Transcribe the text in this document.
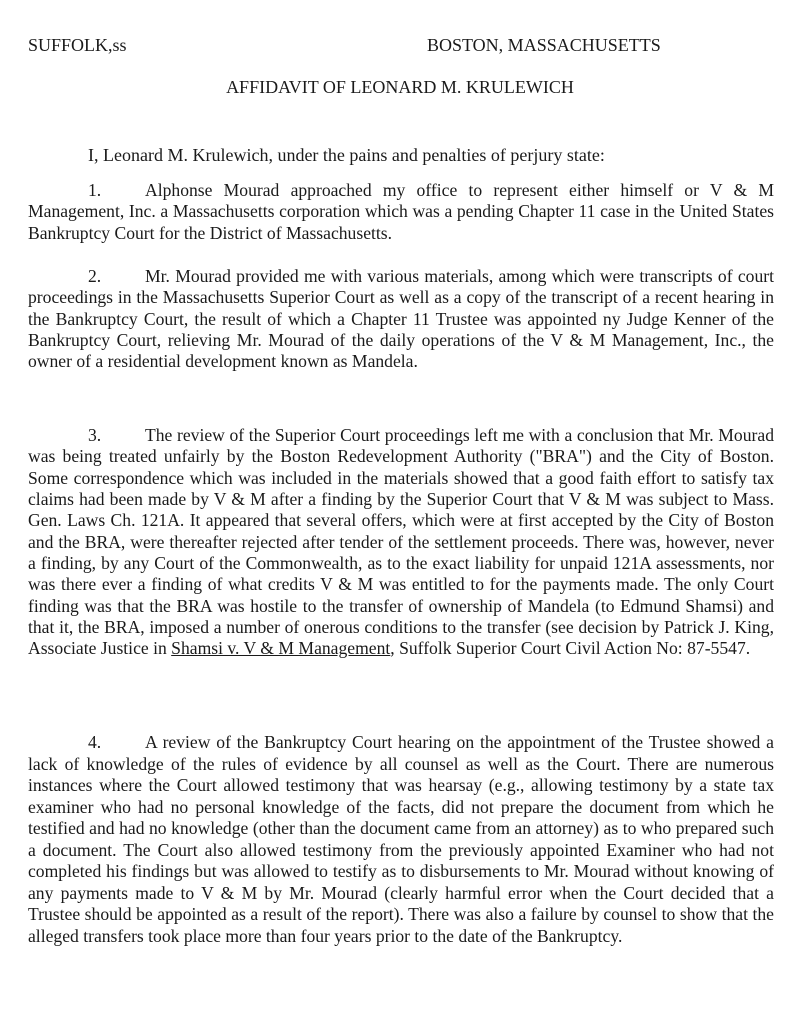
SUFFOLK,ss	BOSTON, MASSACHUSETTS
AFFIDAVIT OF LEONARD M. KRULEWICH
I, Leonard M. Krulewich, under the pains and penalties of perjury state:

1. Alphonse Mourad approached my office to represent either himself or V & M Management, Inc. a Massachusetts corporation which was a pending Chapter 11 case in the United States Bankruptcy Court for the District of Massachusetts.

2. Mr. Mourad provided me with various materials, among which were transcripts of court proceedings in the Massachusetts Superior Court as well as a copy of the transcript of a recent hearing in the Bankruptcy Court, the result of which a Chapter 11 Trustee was appointed ny Judge Kenner of the Bankruptcy Court, relieving Mr. Mourad of the daily operations of the V & M Management, Inc., the owner of a residential development known as Mandela.

3. The review of the Superior Court proceedings left me with a conclusion that Mr. Mourad was being treated unfairly by the Boston Redevelopment Authority ("BRA") and the City of Boston. Some correspondence which was included in the materials showed that a good faith effort to satisfy tax claims had been made by V & M after a finding by the Superior Court that V & M was subject to Mass. Gen. Laws Ch. 121A. It appeared that several offers, which were at first accepted by the City of Boston and the BRA, were thereafter rejected after tender of the settlement proceeds. There was, however, never a finding, by any Court of the Commonwealth, as to the exact liability for unpaid 121A assessments, nor was there ever a finding of what credits V & M was entitled to for the payments made. The only Court finding was that the BRA was hostile to the transfer of ownership of Mandela (to Edmund Shamsi) and that it, the BRA, imposed a number of onerous conditions to the transfer (see decision by Patrick J. King, Associate Justice in Shamsi v. V & M Management, Suffolk Superior Court Civil Action No: 87-5547.

4. A review of the Bankruptcy Court hearing on the appointment of the Trustee showed a lack of knowledge of the rules of evidence by all counsel as well as the Court. There are numerous instances where the Court allowed testimony that was hearsay (e.g., allowing testimony by a state tax examiner who had no personal knowledge of the facts, did not prepare the document from which he testified and had no knowledge (other than the document came from an attorney) as to who prepared such a document. The Court also allowed testimony from the previously appointed Examiner who had not completed his findings but was allowed to testify as to disbursements to Mr. Mourad without knowing of any payments made to V & M by Mr. Mourad (clearly harmful error when the Court decided that a Trustee should be appointed as a result of the report). There was also a failure by counsel to show that the alleged transfers took place more than four years prior to the date of the Bankruptcy.
